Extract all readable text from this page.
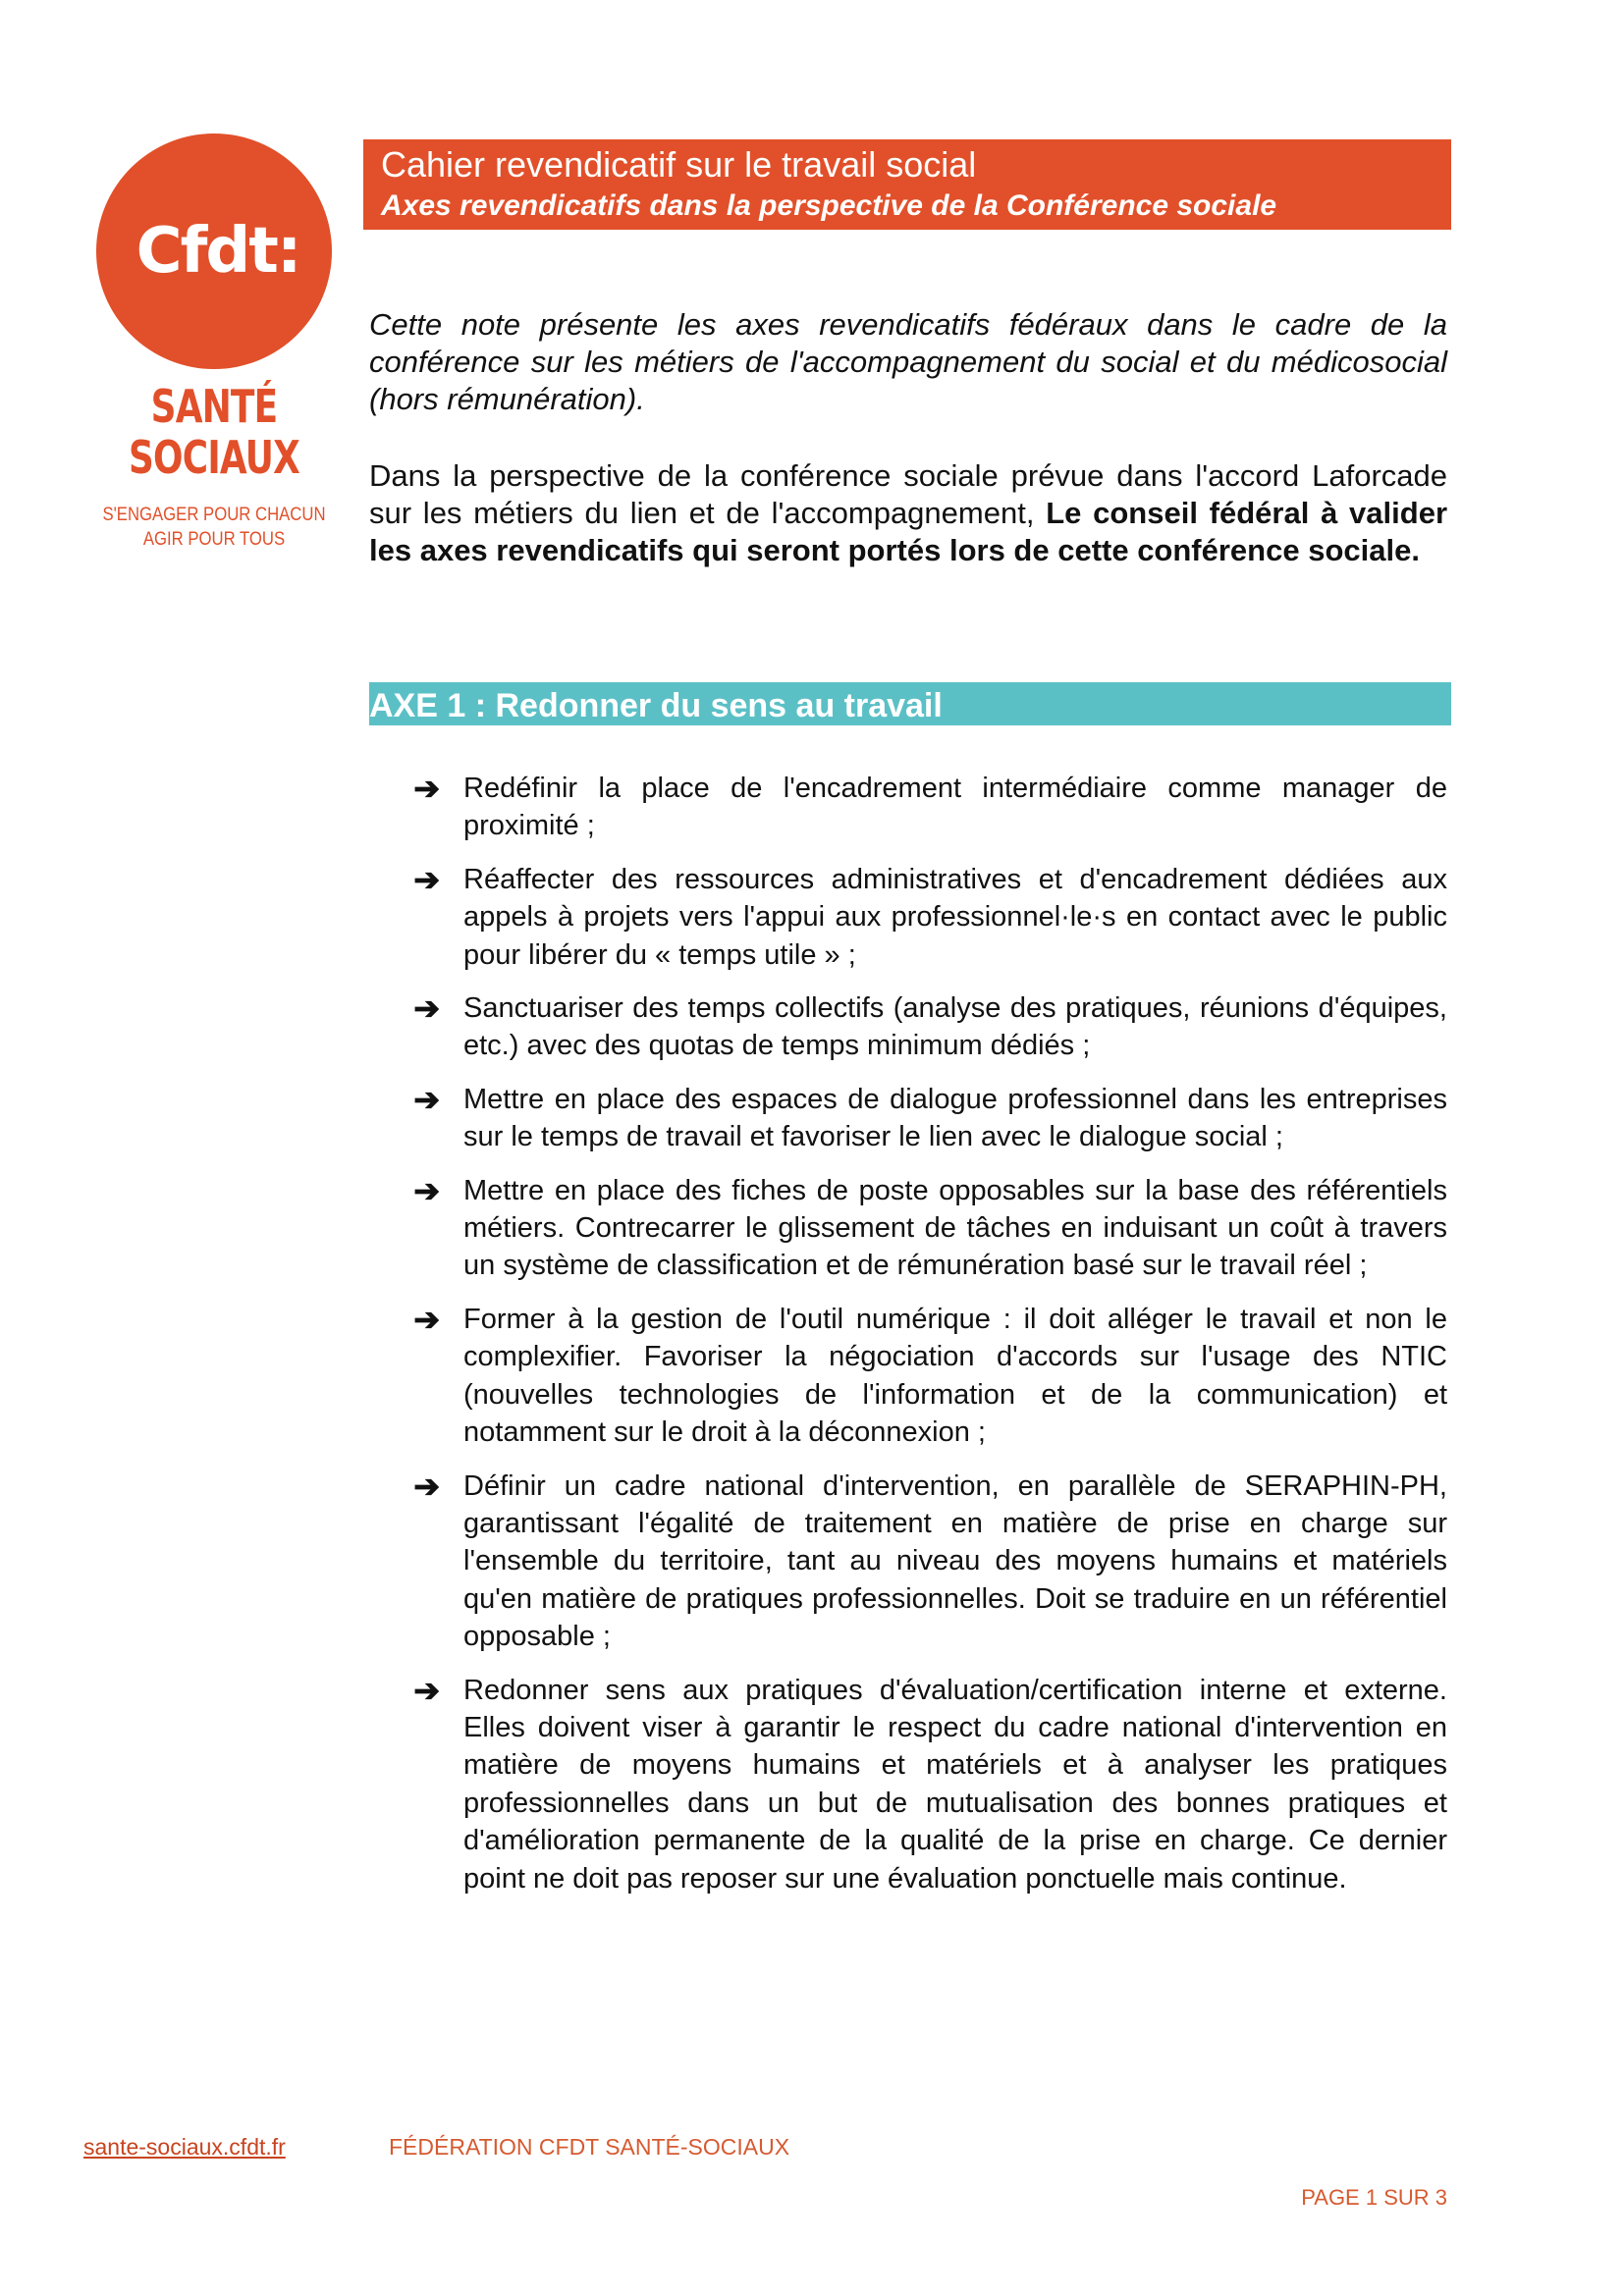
Cfdt:
SANTÉ
SOCIAUX
S'ENGAGER POUR CHACUN
AGIR POUR TOUS
Cahier revendicatif sur le travail social
Axes revendicatifs dans la perspective de la Conférence sociale
Cette note présente les axes revendicatifs fédéraux dans le cadre de la conférence sur les métiers de l'accompagnement du social et du médicosocial (hors rémunération).
Dans la perspective de la conférence sociale prévue dans l'accord Laforcade sur les métiers du lien et de l'accompagnement, Le conseil fédéral à valider les axes revendicatifs qui seront portés lors de cette conférence sociale.
AXE 1 : Redonner du sens au travail
➔ Redéfinir la place de l'encadrement intermédiaire comme manager de proximité ;
➔ Réaffecter des ressources administratives et d'encadrement dédiées aux appels à projets vers l'appui aux professionnel·le·s en contact avec le public pour libérer du « temps utile » ;
➔ Sanctuariser des temps collectifs (analyse des pratiques, réunions d'équipes, etc.) avec des quotas de temps minimum dédiés ;
➔ Mettre en place des espaces de dialogue professionnel dans les entreprises sur le temps de travail et favoriser le lien avec le dialogue social ;
➔ Mettre en place des fiches de poste opposables sur la base des référentiels métiers. Contrecarrer le glissement de tâches en induisant un coût à travers un système de classification et de rémunération basé sur le travail réel ;
➔ Former à la gestion de l'outil numérique : il doit alléger le travail et non le complexifier. Favoriser la négociation d'accords sur l'usage des NTIC (nouvelles technologies de l'information et de la communication) et notamment sur le droit à la déconnexion ;
➔ Définir un cadre national d'intervention, en parallèle de SERAPHIN-PH, garantissant l'égalité de traitement en matière de prise en charge sur l'ensemble du territoire, tant au niveau des moyens humains et matériels qu'en matière de pratiques professionnelles. Doit se traduire en un référentiel opposable ;
➔ Redonner sens aux pratiques d'évaluation/certification interne et externe. Elles doivent viser à garantir le respect du cadre national d'intervention en matière de moyens humains et matériels et à analyser les pratiques professionnelles dans un but de mutualisation des bonnes pratiques et d'amélioration permanente de la qualité de la prise en charge. Ce dernier point ne doit pas reposer sur une évaluation ponctuelle mais continue.
sante-sociaux.cfdt.fr	FÉDÉRATION CFDT SANTÉ-SOCIAUX
PAGE 1 SUR 3
